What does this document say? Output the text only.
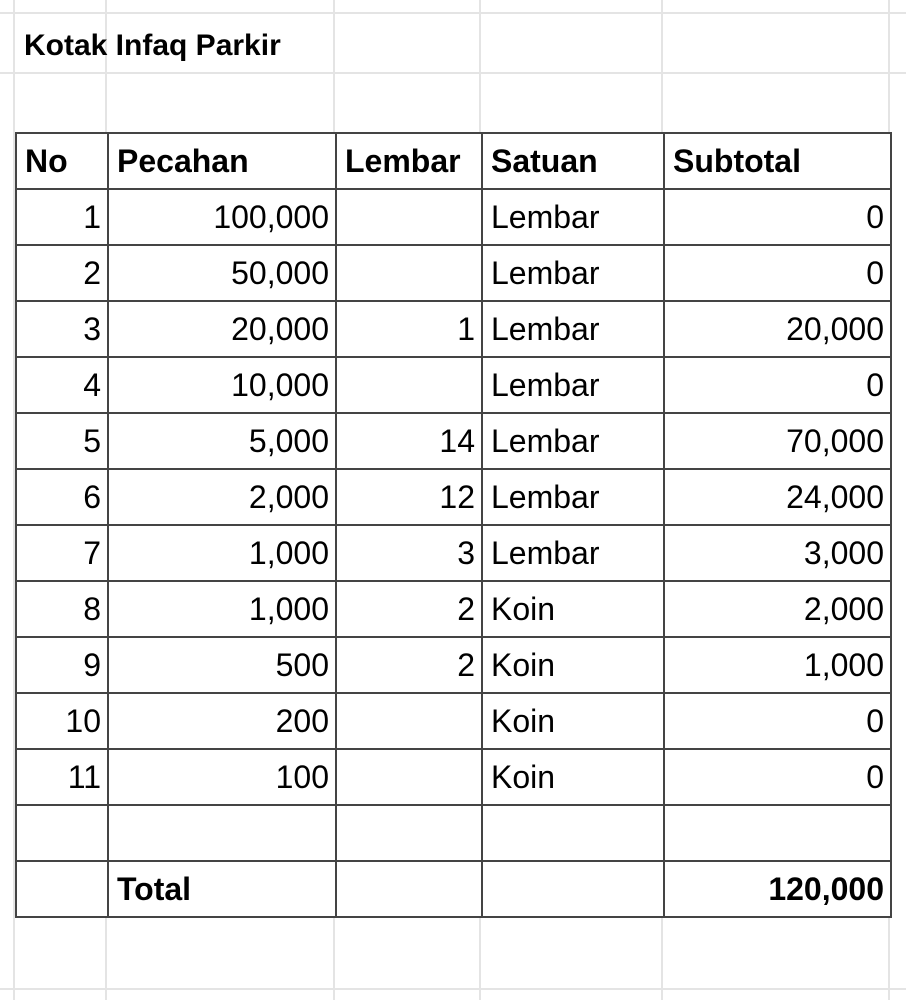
Kotak Infaq Parkir
No	Pecahan	Lembar	Satuan	Subtotal
1	100,000		Lembar	0
2	50,000		Lembar	0
3	20,000	1	Lembar	20,000
4	10,000		Lembar	0
5	5,000	14	Lembar	70,000
6	2,000	12	Lembar	24,000
7	1,000	3	Lembar	3,000
8	1,000	2	Koin	2,000
9	500	2	Koin	1,000
10	200		Koin	0
11	100		Koin	0

	Total			120,000
